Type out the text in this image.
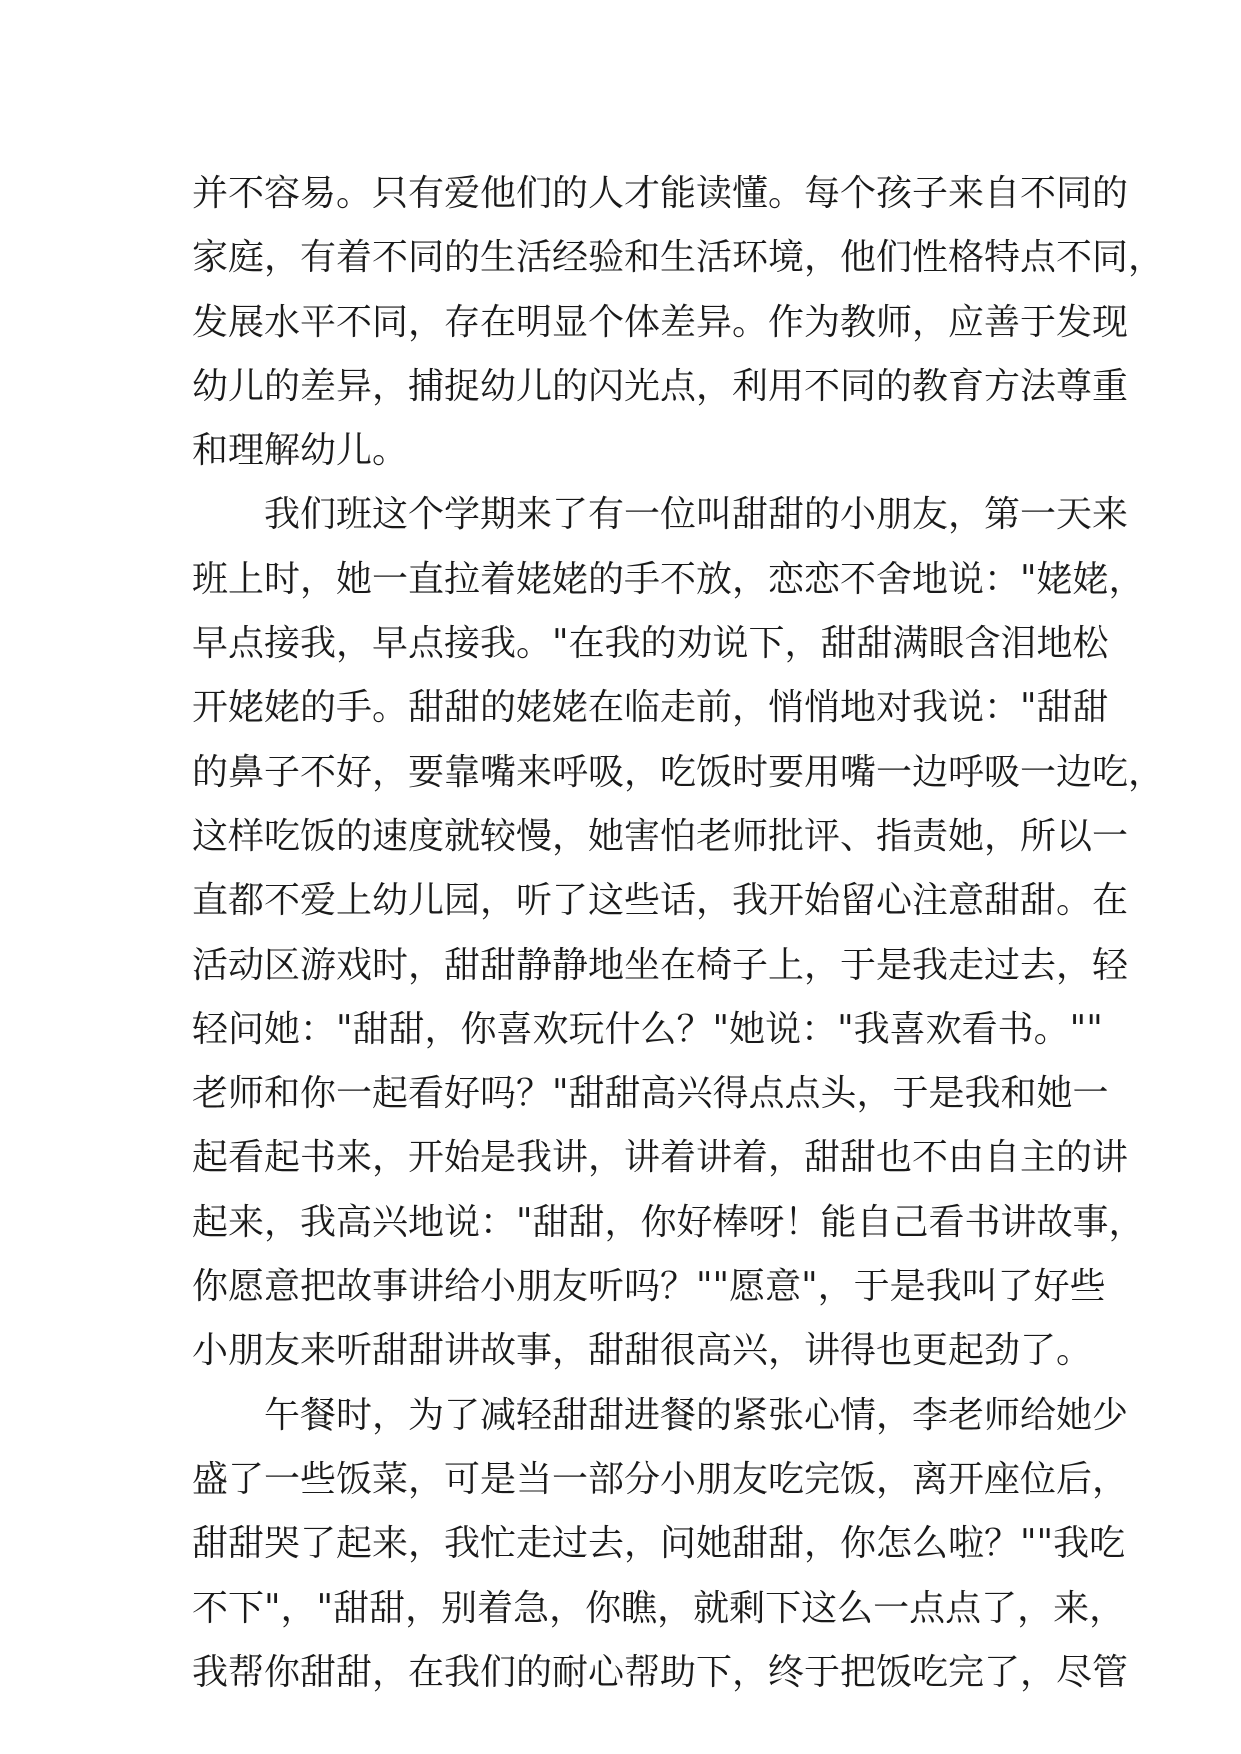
并不容易。只有爱他们的人才能读懂。每个孩子来自不同的
家庭，有着不同的生活经验和生活环境，他们性格特点不同，
发展水平不同，存在明显个体差异。作为教师，应善于发现
幼儿的差异，捕捉幼儿的闪光点，利用不同的教育方法尊重
和理解幼儿。
我们班这个学期来了有一位叫甜甜的小朋友，第一天来
班上时，她一直拉着姥姥的手不放，恋恋不舍地说："姥姥，
早点接我，早点接我。"在我的劝说下，甜甜满眼含泪地松
开姥姥的手。甜甜的姥姥在临走前，悄悄地对我说："甜甜
的鼻子不好，要靠嘴来呼吸，吃饭时要用嘴一边呼吸一边吃，
这样吃饭的速度就较慢，她害怕老师批评、指责她，所以一
直都不爱上幼儿园，听了这些话，我开始留心注意甜甜。在
活动区游戏时，甜甜静静地坐在椅子上，于是我走过去，轻
轻问她："甜甜，你喜欢玩什么？"她说："我喜欢看书。""
老师和你一起看好吗？"甜甜高兴得点点头，于是我和她一
起看起书来，开始是我讲，讲着讲着，甜甜也不由自主的讲
起来，我高兴地说："甜甜，你好棒呀！能自己看书讲故事，
你愿意把故事讲给小朋友听吗？""愿意"，于是我叫了好些
小朋友来听甜甜讲故事，甜甜很高兴，讲得也更起劲了。
午餐时，为了减轻甜甜进餐的紧张心情，李老师给她少
盛了一些饭菜，可是当一部分小朋友吃完饭，离开座位后，
甜甜哭了起来，我忙走过去，问她甜甜，你怎么啦？""我吃
不下"，"甜甜，别着急，你瞧，就剩下这么一点点了，来，
我帮你甜甜，在我们的耐心帮助下，终于把饭吃完了，尽管
